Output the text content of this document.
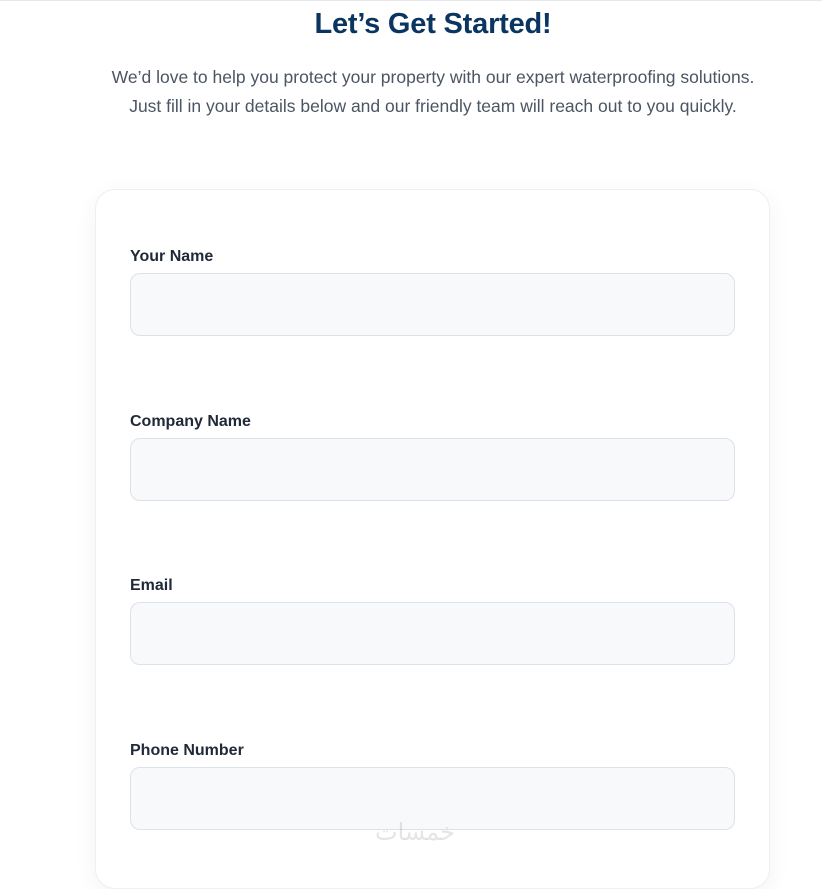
Let’s Get Started!

We’d love to help you protect your property with our expert waterproofing solutions.

Just fill in your details below and our friendly team will reach out to you quickly.

Your Name
Company Name
Email
Phone Number
خمسات
